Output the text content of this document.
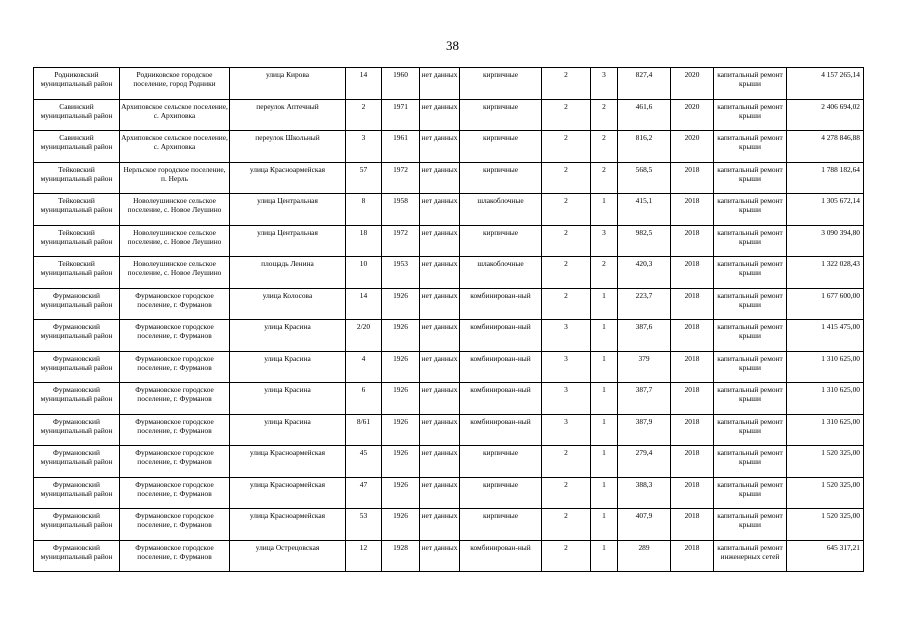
38
Родниковский муниципальный район	Родниковское городское поселение, город Родники	улица Кирова	14	1960	нет данных	кирпичные	2	3	827,4	2020	капитальный ремонт крыши	4 157 265,14
Савинский муниципальный район	Архиповское сельское поселение, с. Архиповка	переулок Аптечный	2	1971	нет данных	кирпичные	2	2	461,6	2020	капитальный ремонт крыши	2 406 694,02
Савинский муниципальный район	Архиповское сельское поселение, с. Архиповка	переулок Школьный	3	1961	нет данных	кирпичные	2	2	816,2	2020	капитальный ремонт крыши	4 278 846,88
Тейковский муниципальный район	Нерльское городское поселение, п. Нерль	улица Красноармейская	57	1972	нет данных	кирпичные	2	2	568,5	2018	капитальный ремонт крыши	1 788 182,64
Тейковский муниципальный район	Новолеушинское сельское поселение, с. Новое Леушино	улица Центральная	8	1958	нет данных	шлакоблочные	2	1	415,1	2018	капитальный ремонт крыши	1 305 672,14
Тейковский муниципальный район	Новолеушинское сельское поселение, с. Новое Леушино	улица Центральная	18	1972	нет данных	кирпичные	2	3	982,5	2018	капитальный ремонт крыши	3 090 394,80
Тейковский муниципальный район	Новолеушинское сельское поселение, с. Новое Леушино	площадь Ленина	10	1953	нет данных	шлакоблочные	2	2	420,3	2018	капитальный ремонт крыши	1 322 028,43
Фурмановский муниципальный район	Фурмановское городское поселение, г. Фурманов	улица Колосова	14	1926	нет данных	комбинирован-ный	2	1	223,7	2018	капитальный ремонт крыши	1 677 600,00
Фурмановский муниципальный район	Фурмановское городское поселение, г. Фурманов	улица Красина	2/20	1926	нет данных	комбинирован-ный	3	1	387,6	2018	капитальный ремонт крыши	1 415 475,00
Фурмановский муниципальный район	Фурмановское городское поселение, г. Фурманов	улица Красина	4	1926	нет данных	комбинирован-ный	3	1	379	2018	капитальный ремонт крыши	1 310 625,00
Фурмановский муниципальный район	Фурмановское городское поселение, г. Фурманов	улица Красина	6	1926	нет данных	комбинирован-ный	3	1	387,7	2018	капитальный ремонт крыши	1 310 625,00
Фурмановский муниципальный район	Фурмановское городское поселение, г. Фурманов	улица Красина	8/61	1926	нет данных	комбинирован-ный	3	1	387,9	2018	капитальный ремонт крыши	1 310 625,00
Фурмановский муниципальный район	Фурмановское городское поселение, г. Фурманов	улица Красноармейская	45	1926	нет данных	кирпичные	2	1	279,4	2018	капитальный ремонт крыши	1 520 325,00
Фурмановский муниципальный район	Фурмановское городское поселение, г. Фурманов	улица Красноармейская	47	1926	нет данных	кирпичные	2	1	388,3	2018	капитальный ремонт крыши	1 520 325,00
Фурмановский муниципальный район	Фурмановское городское поселение, г. Фурманов	улица Красноармейская	53	1926	нет данных	кирпичные	2	1	407,9	2018	капитальный ремонт крыши	1 520 325,00
Фурмановский муниципальный район	Фурмановское городское поселение, г. Фурманов	улица Острецовская	12	1928	нет данных	комбинирован-ный	2	1	289	2018	капитальный ремонт инженерных сетей	645 317,21
